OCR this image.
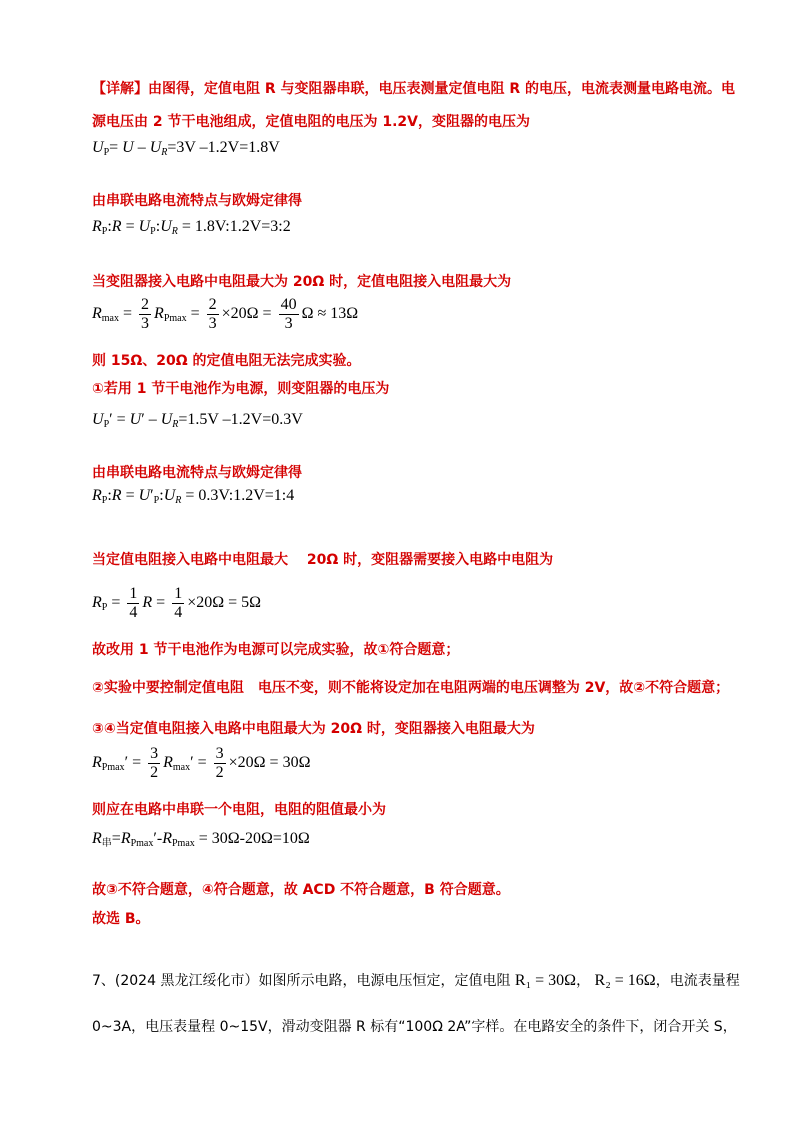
【详解】由图得，定值电阻 R 与变阻器串联，电压表测量定值电阻 R 的电压，电流表测量电路电流。电
源电压由 2 节干电池组成，定值电阻的电压为 1.2V，变阻器的电压为
$U_P= U - U_R=3V$ –1.2V=1.8V
由串联电路电流特点与欧姆定律得
$R_P:R$ = $U_P:U_R$ = 1.8V:1.2V=3:2
当变阻器接入电路中电阻最大为 20Ω 时，定值电阻接入电阻最大为
$R_{max} = \frac{2}{3} R_{Pmax} = \frac{2}{3} \times 20\Omega = \frac{40}{3}$ Ω ≈ 13Ω
则 15Ω、20Ω 的定值电阻无法完成实验。
①若用 1 节干电池作为电源，则变阻器的电压为
$U_P' = U' - U_R=1.5V$ –1.2V=0.3V
由串联电路电流特点与欧姆定律得
$R_P:R$ = $U'_P:U_R$ = 0.3V:1.2V=1:4
当定值电阻接入电路中电阻最大　 20Ω 时，变阻器需要接入电路中电阻为
$R_P = \frac{1}{4}$ $R = \frac{1}{4} \times 20\Omega = 5\Omega$
故改用 1 节干电池作为电源可以完成实验，故①符合题意；
②实验中要控制定值电阻　电压不变，则不能将设定加在电阻两端的电压调整为 2V，故②不符合题意；
③④当定值电阻接入电路中电阻最大为 20Ω 时，变阻器接入电阻最大为
$R_{Pmax}' = \frac{3}{2} R_{max}' = \frac{3}{2} \times 20\Omega = 30\Omega$
则应在电路中串联一个电阻，电阻的阻值最小为
$R_串=R_{Pmax}'-R_{Pmax} = 30\Omega-20\Omega=10\Omega$
故③不符合题意，④符合题意，故 ACD 不符合题意，B 符合题意。
故选 B。
7、(2024 黑龙江绥化市）如图所示电路，电源电压恒定，定值电阻 R₁ = 30Ω， R₂ = 16Ω，电流表量程
0~3A，电压表量程 0~15V，滑动变阻器 R 标有“100Ω 2A”字样。在电路安全的条件下，闭合开关 S，
